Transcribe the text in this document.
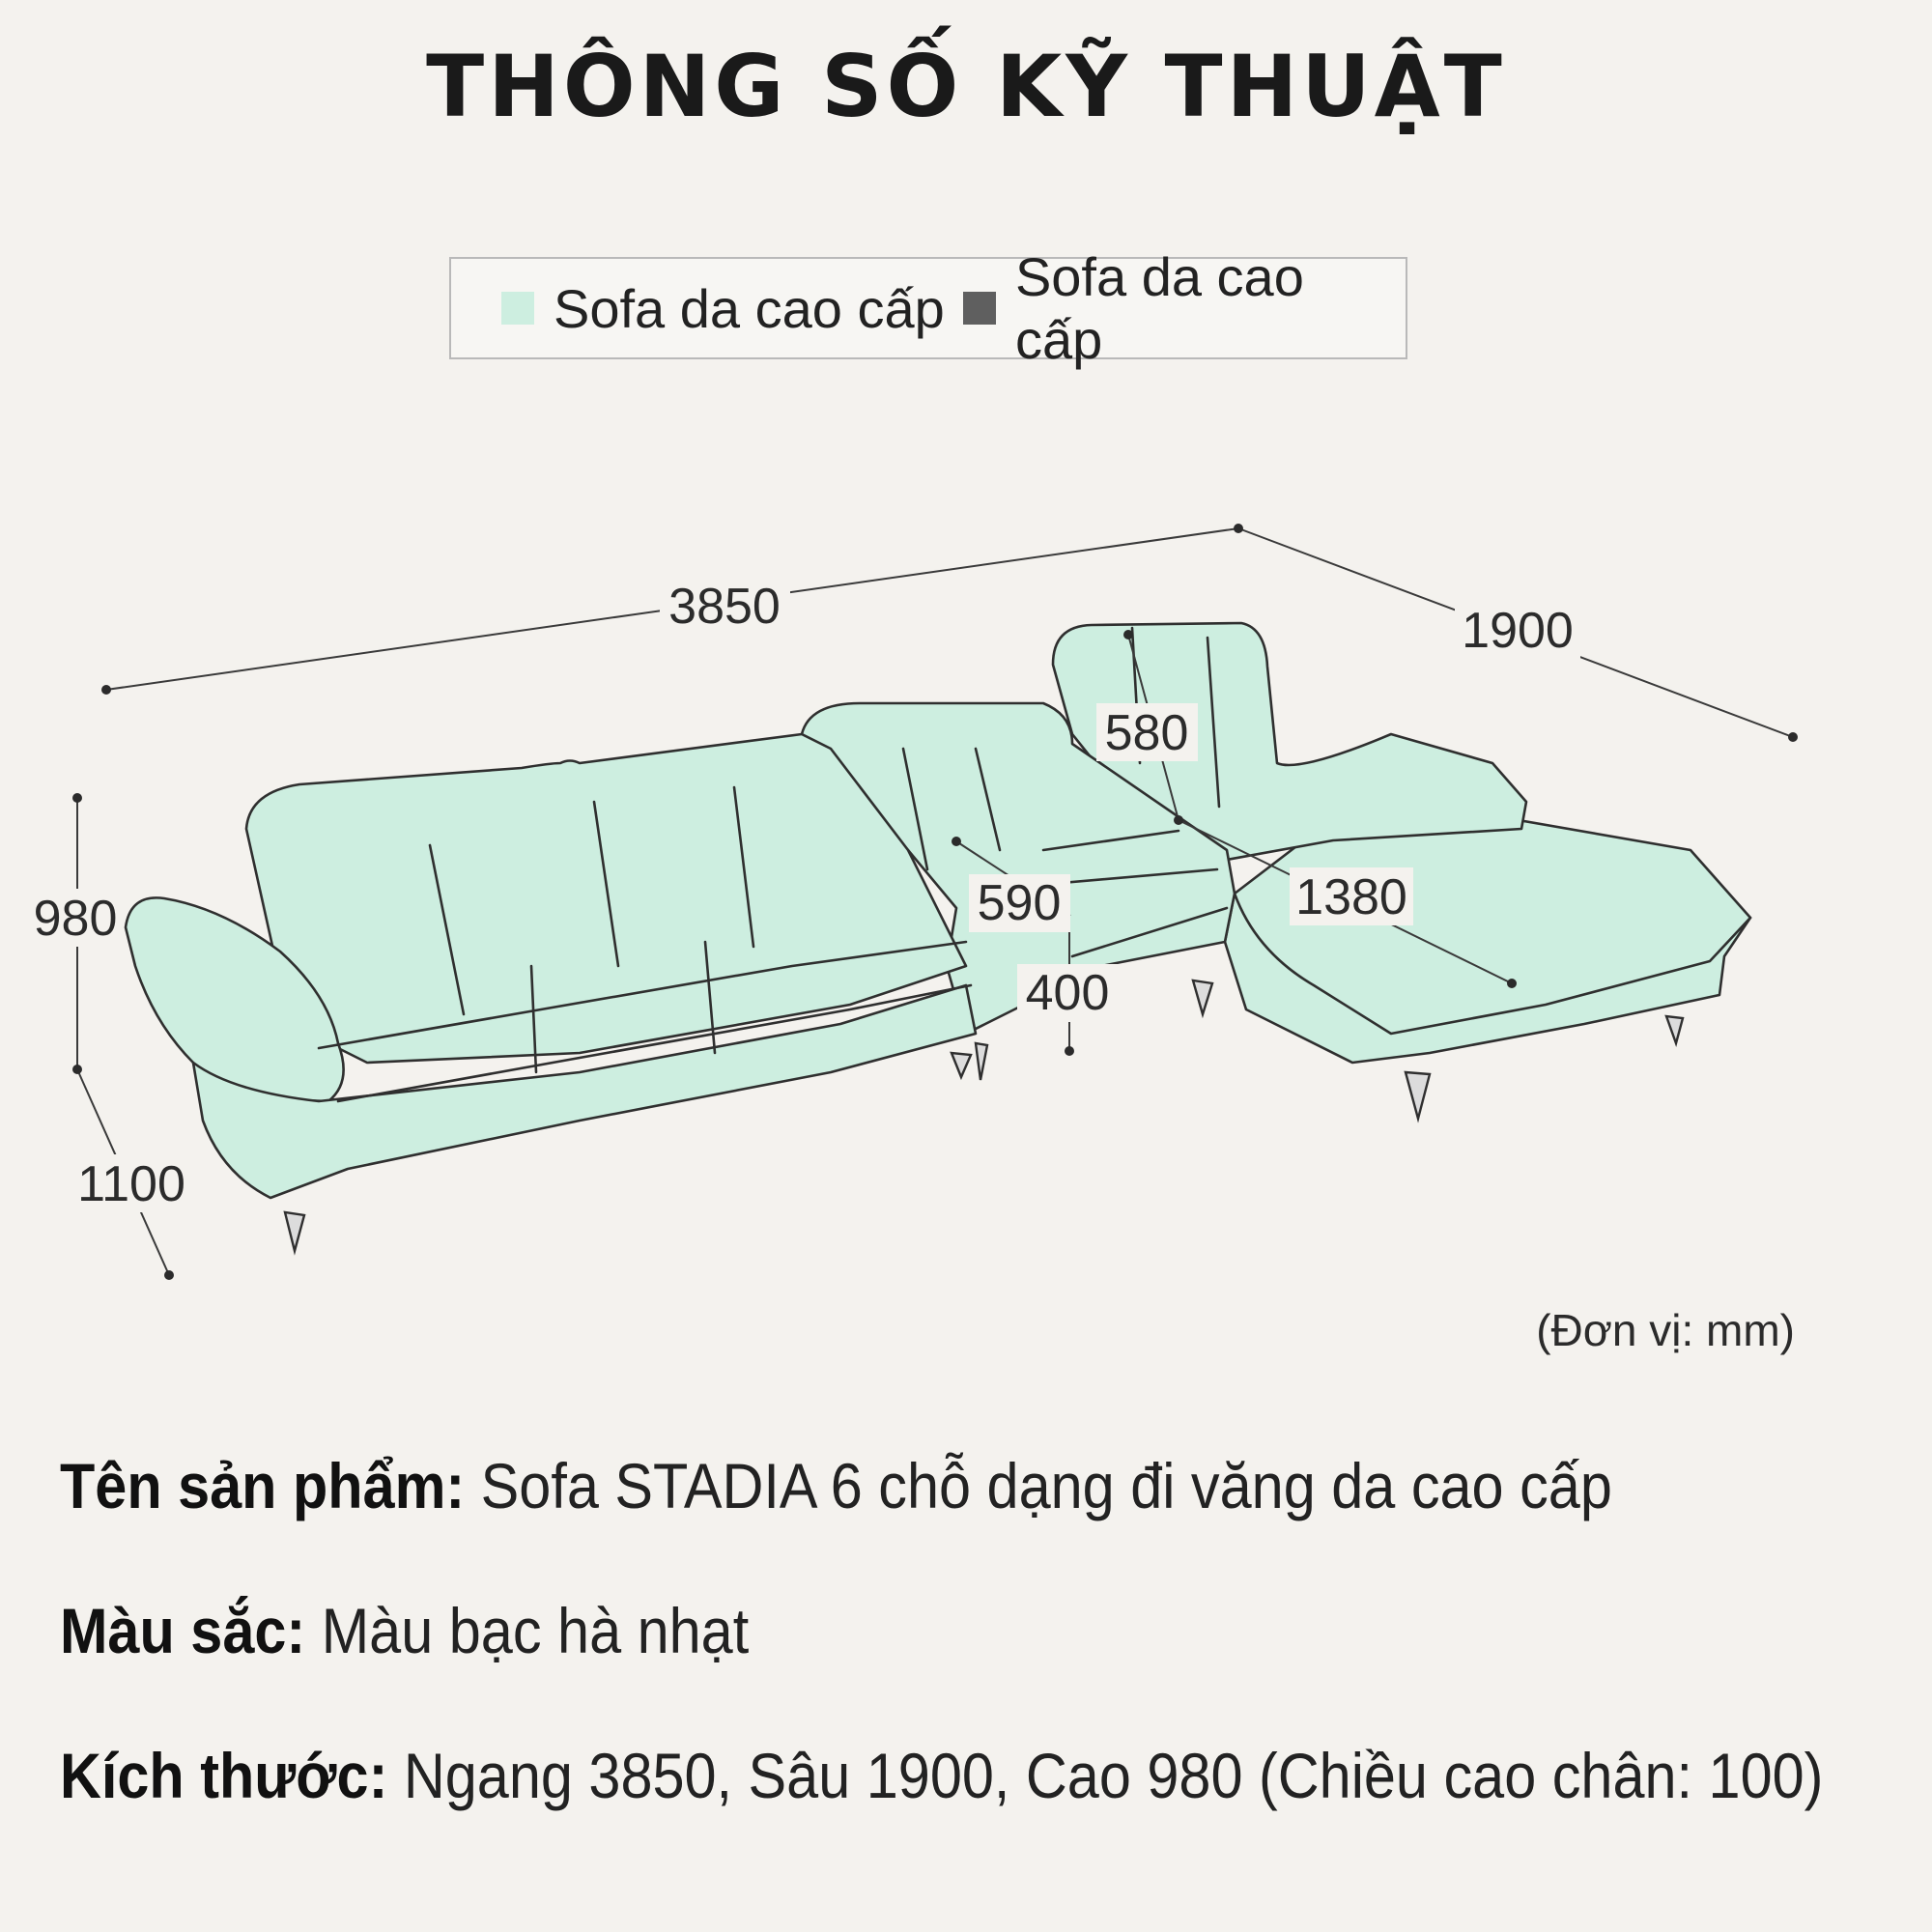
THÔNG SỐ KỸ THUẬT
Sofa da cao cấp
Sofa da cao cấp
3850	1900
980
1100
580
590
400
1380
(Đơn vị: mm)
Tên sản phẩm: Sofa STADIA 6 chỗ dạng đi văng da cao cấp
Màu sắc: Màu bạc hà nhạt
Kích thước: Ngang 3850, Sâu 1900, Cao 980 (Chiều cao chân: 100)
